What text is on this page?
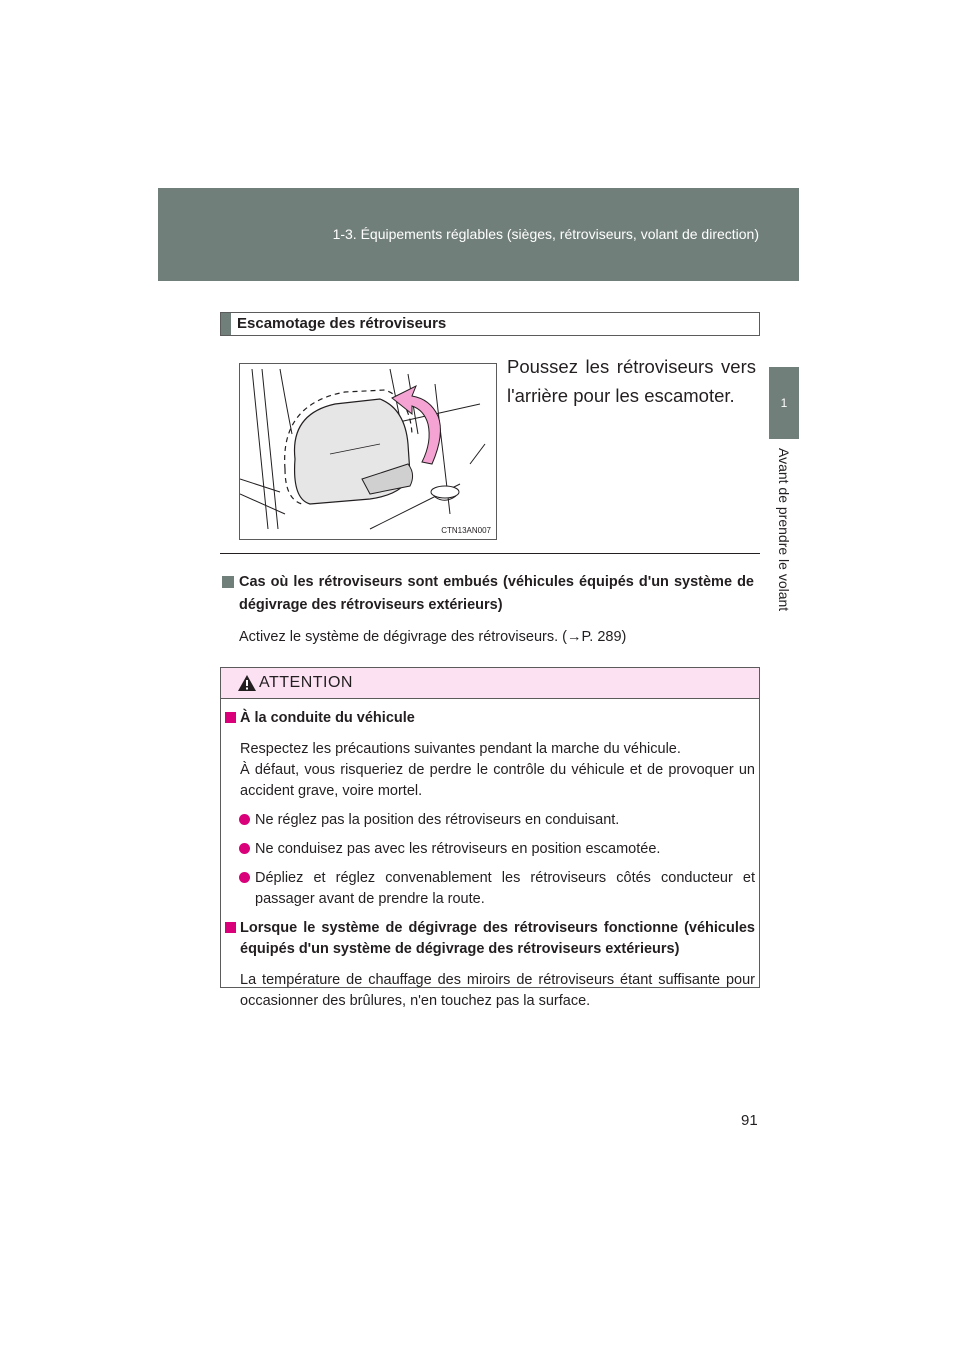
1-3. Équipements réglables (sièges, rétroviseurs, volant de direction)
1
Avant de prendre le volant
Escamotage des rétroviseurs
CTN13AN007
Poussez les rétroviseurs vers l'arrière pour les escamoter.
Cas où les rétroviseurs sont embués (véhicules équipés d'un système de dégivrage des rétroviseurs extérieurs)
Activez le système de dégivrage des rétroviseurs. (→P. 289)
ATTENTION
À la conduite du véhicule
Respectez les précautions suivantes pendant la marche du véhicule.
À défaut, vous risqueriez de perdre le contrôle du véhicule et de provoquer un accident grave, voire mortel.
Ne réglez pas la position des rétroviseurs en conduisant.
Ne conduisez pas avec les rétroviseurs en position escamotée.
Dépliez et réglez convenablement les rétroviseurs côtés conducteur et passager avant de prendre la route.
Lorsque le système de dégivrage des rétroviseurs fonctionne (véhicules équipés d'un système de dégivrage des rétroviseurs extérieurs)
La température de chauffage des miroirs de rétroviseurs étant suffisante pour occasionner des brûlures, n'en touchez pas la surface.
91
